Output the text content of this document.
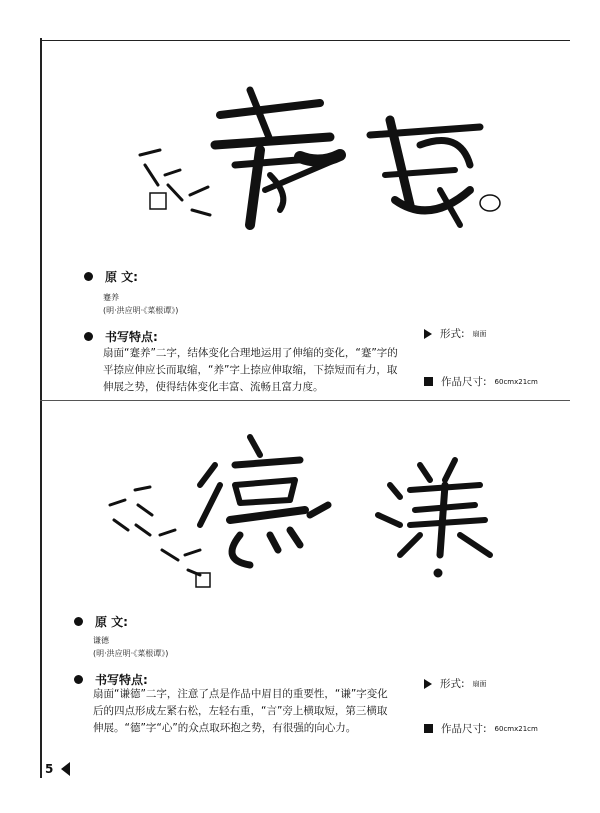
原 文:
蹇养
(明·洪应明·《菜根谭》)
书写特点:
扇面“蹇养”二字，结体变化合理地运用了伸缩的变化，“蹇”字的平捺应伸应长而取缩，“养”字上捺应伸取缩，下捺短而有力，取伸展之势，使得结体变化丰富、流畅且富力度。
形式: 扇面
作品尺寸: 60cmx21cm
原 文:
谦德
(明·洪应明·《菜根谭》)
书写特点:
扇面“谦德”二字，注意了点是作品中眉目的重要性，“谦”字变化后的四点形成左紧右松，左轻右重，“言”旁上横取短，第三横取伸展。“德”字“心”的众点取环抱之势，有很强的向心力。
形式: 扇面
作品尺寸: 60cmx21cm
5
